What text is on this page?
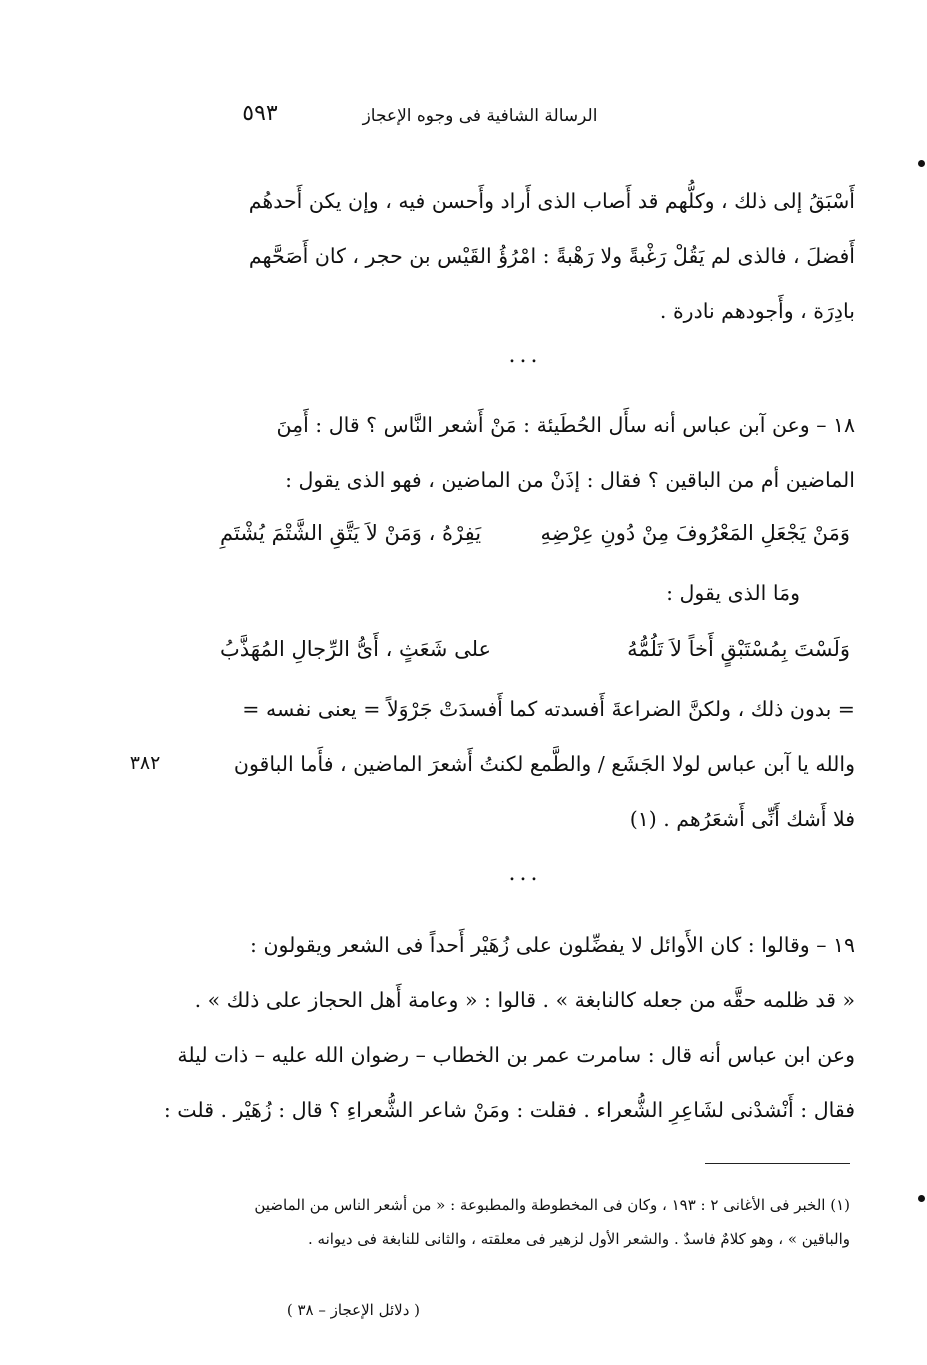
٥٩٣	الرسالة الشافية فى وجوه الإعجاز
أَسْبَقُ إلى ذلك ، وكلُّهم قد أَصاب الذى أَراد وأَحسن فيه ، وإن يكن أَحدهُم
أَفضلَ ، فالذى لم يَقُلْ رَغْبةً ولا رَهْبةً : امْرُؤُ القَيْس بن حجر ، كان أَصَحَّهم
بادِرَة ، وأَجودهم نادرة .
...
١٨ – وعن آبن عباس أنه سأَل الحُطَيئة : مَنْ أَشعر النَّاس ؟ قال : أَمِنَ
الماضين أم من الباقين ؟ فقال : إذَنْ من الماضين ، فهو الذى يقول :
وَمَنْ يَجْعَلِ المَعْرُوفَ مِنْ دُونِ عِرْضِهِ
يَفِرْهُ ، وَمَنْ لاَ يَتَّقِ الشَّتْمَ يُشْتَمِ
ومَا الذى يقول :
وَلَسْتَ بِمُسْتَبْقٍ أَخاً لاَ تَلُمُّهُ
على شَعَثٍ ، أَىُّ الرِّجالِ المُهَذَّبُ
= بدون ذلك ، ولكنَّ الضراعةَ أَفسدته كما أَفسدَتْ جَرْوَلاً = يعنى نفسه =
والله يا آبن عباس لولا الجَشَع / والطَّمع لكنتُ أَشعرَ الماضين ، فأَما الباقون
فلا أَشك أَنِّى أَشعَرُهم . (١)
٣٨٢
...
١٩ – وقالوا : كان الأَوائل لا يفضِّلون على زُهَيْر أَحداً فى الشعر ويقولون :
« قد ظلمه حقَّه من جعله كالنابغة » . قالوا : « وعامة أَهل الحجاز على ذلك » .
وعن ابن عباس أنه قال : سامرت عمر بن الخطاب – رضوان الله عليه – ذات ليلة
فقال : أَنْشدْنى لشَاعِرِ الشُّعراء . فقلت : ومَنْ شاعر الشُّعراءِ ؟ قال : زُهَيْر . قلت :
(١) الخبر فى الأغانى ٢ : ١٩٣ ، وكان فى المخطوطة والمطبوعة : « من أشعر الناس من الماضين
والباقين » ، وهو كلامٌ فاسدٌ . والشعر الأول لزهير فى معلقته ، والثانى للنابغة فى ديوانه .
( دلائل الإعجاز – ٣٨ )
